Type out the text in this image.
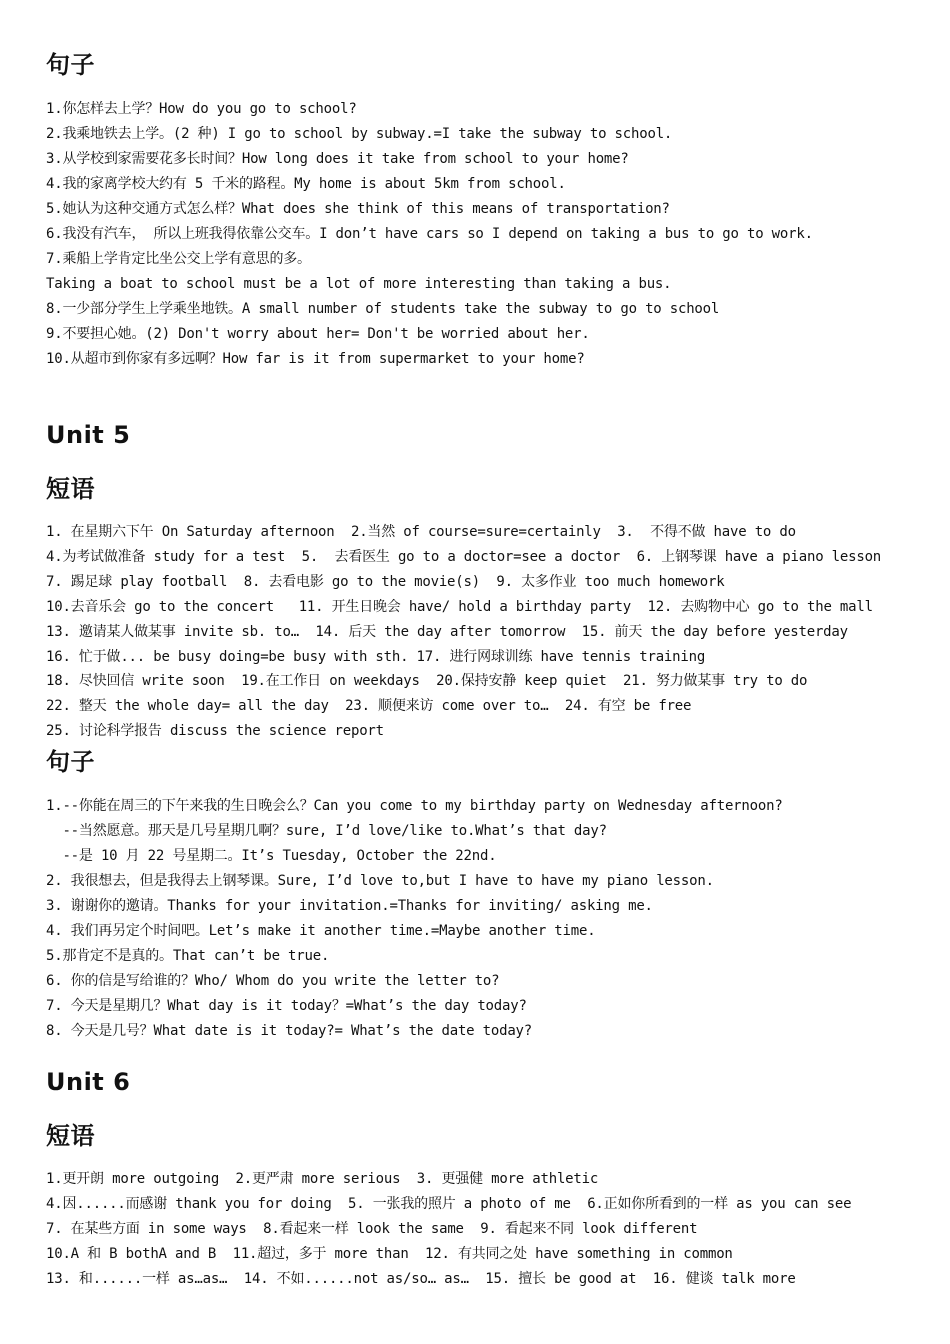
句子
1.你怎样去上学？How do you go to school?
2.我乘地铁去上学。(2 种) I go to school by subway.=I take the subway to school.
3.从学校到家需要花多长时间？How long does it take from school to your home?
4.我的家离学校大约有 5 千米的路程。My home is about 5km from school.
5.她认为这种交通方式怎么样？What does she think of this means of transportation?
6.我没有汽车， 所以上班我得依靠公交车。I don’t have cars so I depend on taking a bus to go to work.
7.乘船上学肯定比坐公交上学有意思的多。
Taking a boat to school must be a lot of more interesting than taking a bus.
8.一少部分学生上学乘坐地铁。A small number of students take the subway to go to school
9.不要担心她。(2) Don't worry about her= Don't be worried about her.
10.从超市到你家有多远啊？How far is it from supermarket to your home?
Unit 5
短语
1. 在星期六下午 On Saturday afternoon  2.当然 of course=sure=certainly  3.  不得不做 have to do
4.为考试做准备 study for a test  5.  去看医生 go to a doctor=see a doctor  6. 上钢琴课 have a piano lesson
7. 踢足球 play football  8. 去看电影 go to the movie(s)  9. 太多作业 too much homework
10.去音乐会 go to the concert   11. 开生日晚会 have/ hold a birthday party  12. 去购物中心 go to the mall
13. 邀请某人做某事 invite sb. to…  14. 后天 the day after tomorrow  15. 前天 the day before yesterday
16. 忙于做... be busy doing=be busy with sth. 17. 进行网球训练 have tennis training
18. 尽快回信 write soon  19.在工作日 on weekdays  20.保持安静 keep quiet  21. 努力做某事 try to do
22. 整天 the whole day= all the day  23. 顺便来访 come over to…  24. 有空 be free
25. 讨论科学报告 discuss the science report
句子
1.--你能在周三的下午来我的生日晚会么？Can you come to my birthday party on Wednesday afternoon?
--当然愿意。那天是几号星期几啊？sure, I’d love/like to.What’s that day?
--是 10 月 22 号星期二。It’s Tuesday, October the 22nd.
2. 我很想去，但是我得去上钢琴课。Sure, I’d love to,but I have to have my piano lesson.
3. 谢谢你的邀请。Thanks for your invitation.=Thanks for inviting/ asking me.
4. 我们再另定个时间吧。Let’s make it another time.=Maybe another time.
5.那肯定不是真的。That can’t be true.
6. 你的信是写给谁的？Who/ Whom do you write the letter to?
7. 今天是星期几？What day is it today？=What’s the day today?
8. 今天是几号？What date is it today?= What’s the date today?
Unit 6
短语
1.更开朗 more outgoing  2.更严肃 more serious  3. 更强健 more athletic
4.因......而感谢 thank you for doing  5. 一张我的照片 a photo of me  6.正如你所看到的一样 as you can see
7. 在某些方面 in some ways  8.看起来一样 look the same  9. 看起来不同 look different
10.A 和 B bothA and B  11.超过，多于 more than  12. 有共同之处 have something in common
13. 和......一样 as…as…  14. 不如......not as/so… as…  15. 擅长 be good at  16. 健谈 talk more
